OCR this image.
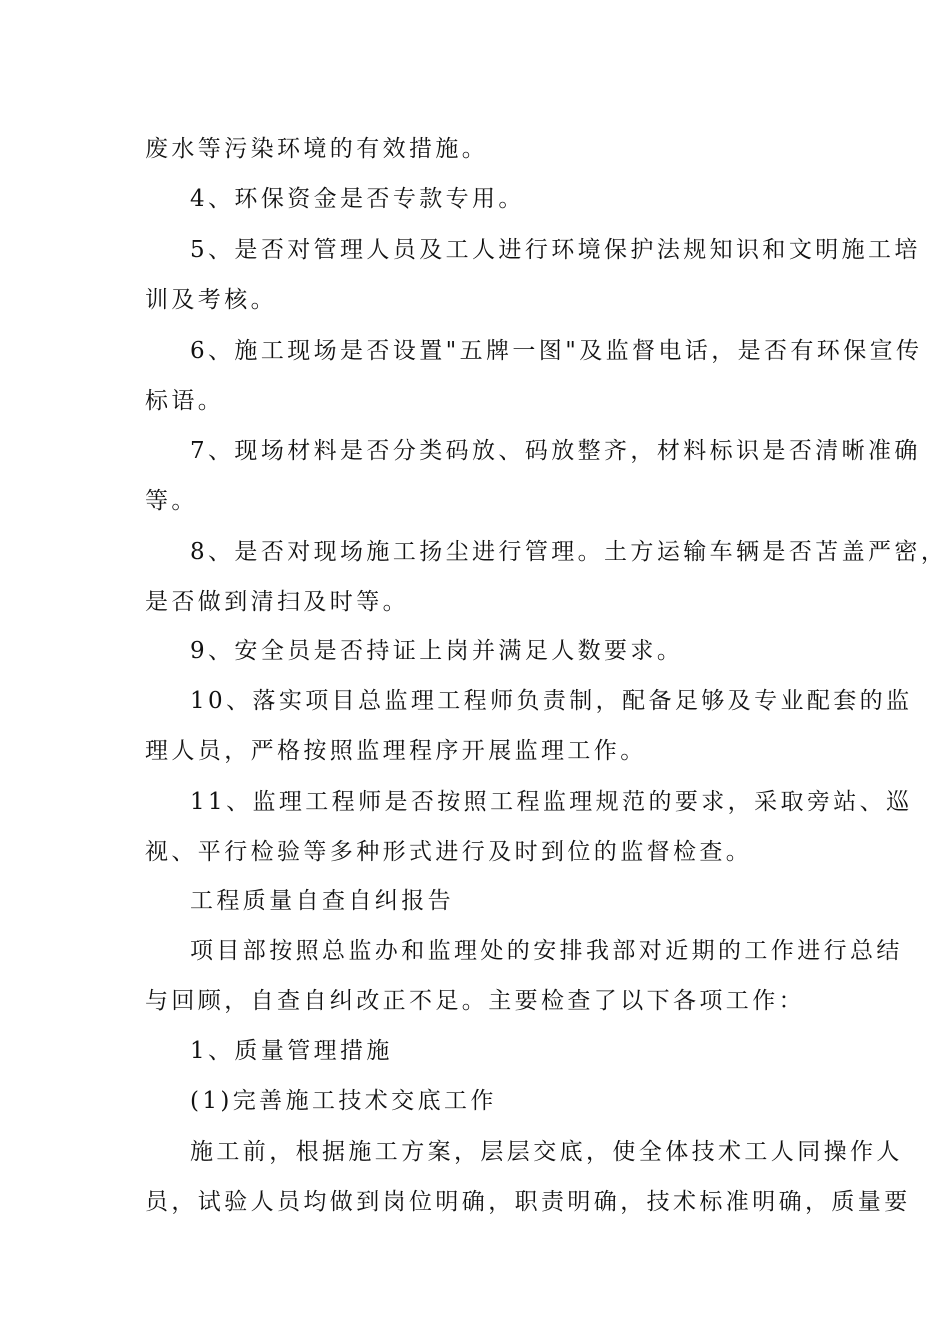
废水等污染环境的有效措施。
4、环保资金是否专款专用。
5、是否对管理人员及工人进行环境保护法规知识和文明施工培
训及考核。
6、施工现场是否设置"五牌一图"及监督电话，是否有环保宣传
标语。
7、现场材料是否分类码放、码放整齐，材料标识是否清晰准确
等。
8、是否对现场施工扬尘进行管理。土方运输车辆是否苫盖严密，
是否做到清扫及时等。
9、安全员是否持证上岗并满足人数要求。
10、落实项目总监理工程师负责制，配备足够及专业配套的监
理人员，严格按照监理程序开展监理工作。
11、监理工程师是否按照工程监理规范的要求，采取旁站、巡
视、平行检验等多种形式进行及时到位的监督检查。
工程质量自查自纠报告
项目部按照总监办和监理处的安排我部对近期的工作进行总结
与回顾，自查自纠改正不足。主要检查了以下各项工作：
1、质量管理措施
(1)完善施工技术交底工作
施工前，根据施工方案，层层交底，使全体技术工人同操作人
员，试验人员均做到岗位明确，职责明确，技术标准明确，质量要
